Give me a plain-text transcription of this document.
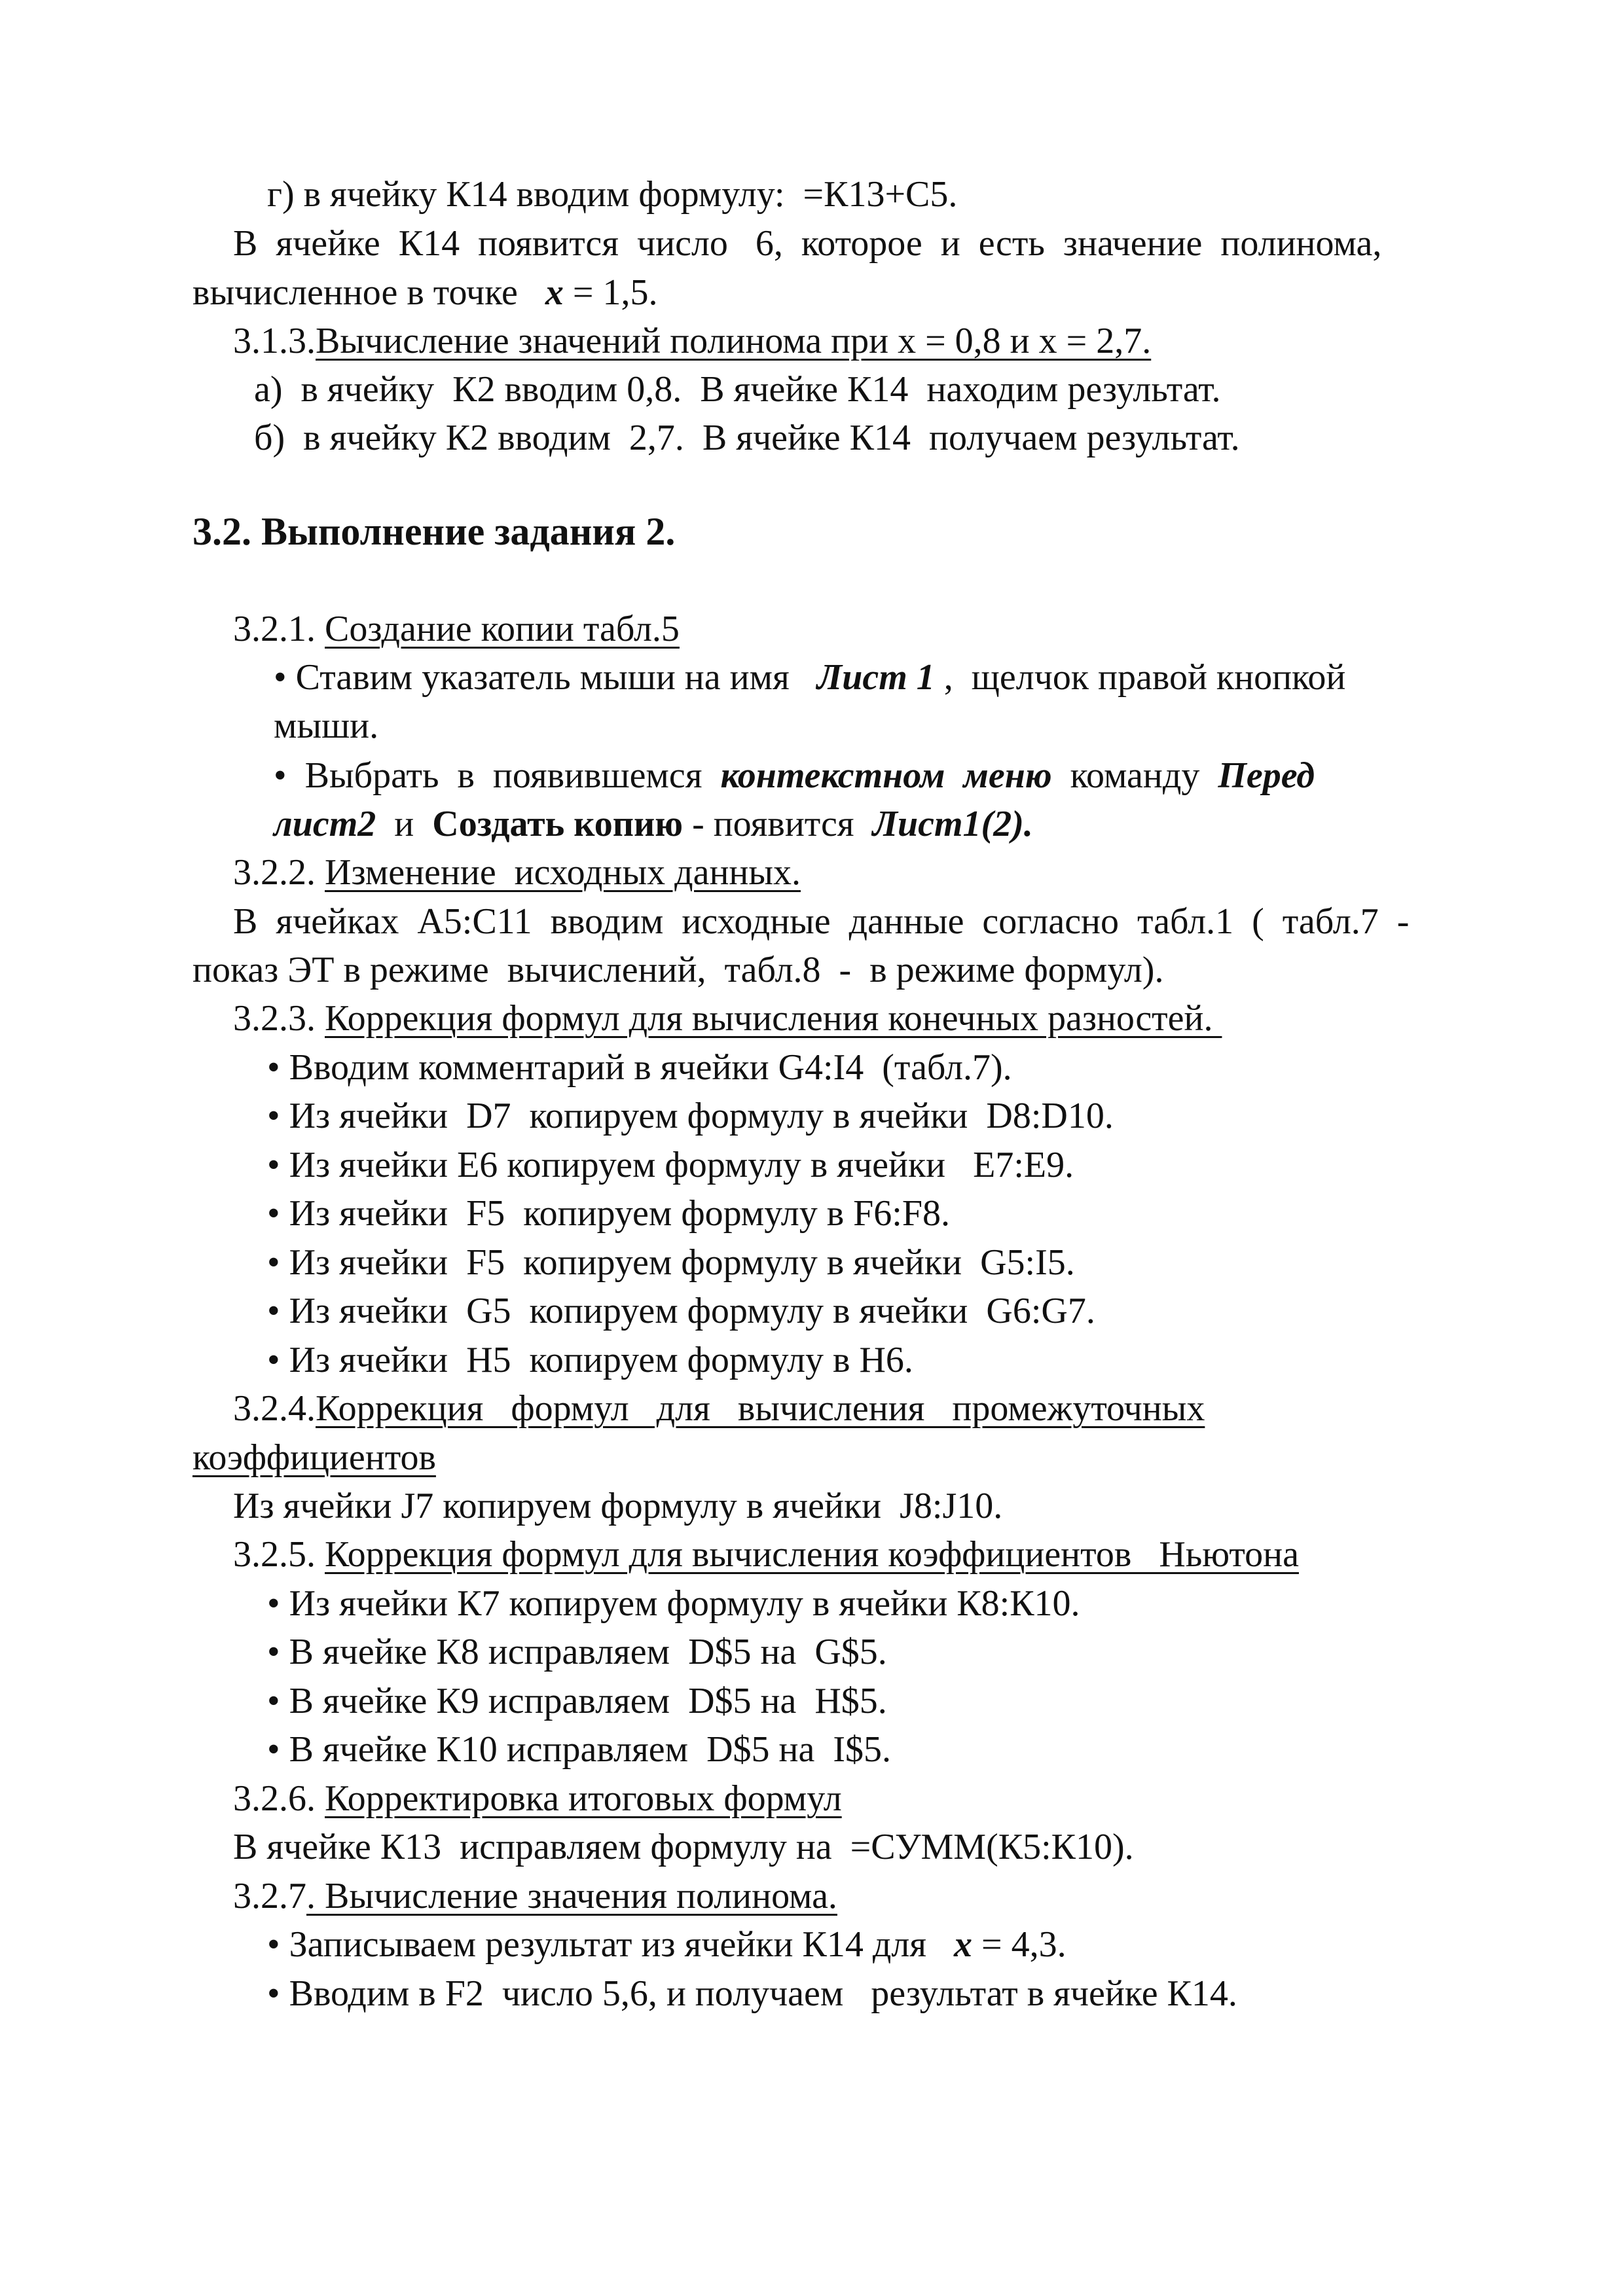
г) в ячейку К14 вводим формулу:  =К13+С5.

В  ячейке  К14  появится  число   6,  которое  и  есть  значение  полинома,

вычисленное в точке   x = 1,5.

3.1.3.Вычисление значений полинома при х = 0,8 и х = 2,7.

а)  в ячейку  К2 вводим 0,8.  В ячейке К14  находим результат.

б)  в ячейку К2 вводим  2,7.  В ячейке К14  получаем результат.

3.2. Выполнение задания 2.

3.2.1. Создание копии табл.5

• Ставим указатель мыши на имя   Лист 1 ,  щелчок правой кнопкой

мыши.

•  Выбрать  в  появившемся  контекстном  меню  команду  Перед

лист2  и  Создать копию - появится  Лист1(2).

3.2.2. Изменение  исходных данных.

В  ячейках  А5:С11  вводим  исходные  данные  согласно  табл.1  (  табл.7  -

показ ЭТ в режиме  вычислений,  табл.8  -  в режиме формул).

3.2.3. Коррекция формул для вычисления конечных разностей.

• Вводим комментарий в ячейки G4:I4  (табл.7).

• Из ячейки  D7  копируем формулу в ячейки  D8:D10.

• Из ячейки E6 копируем формулу в ячейки   E7:E9.

• Из ячейки  F5  копируем формулу в F6:F8.

• Из ячейки  F5  копируем формулу в ячейки  G5:I5.

• Из ячейки  G5  копируем формулу в ячейки  G6:G7.

• Из ячейки  H5  копируем формулу в H6.

3.2.4.Коррекция   формул   для   вычисления   промежуточных

коэффициентов

Из ячейки J7 копируем формулу в ячейки  J8:J10.

3.2.5. Коррекция формул для вычисления коэффициентов   Ньютона

• Из ячейки К7 копируем формулу в ячейки К8:К10.

• В ячейке К8 исправляем  D$5 на  G$5.

• В ячейке К9 исправляем  D$5 на  H$5.

• В ячейке К10 исправляем  D$5 на  I$5.

3.2.6. Корректировка итоговых формул

В ячейке К13  исправляем формулу на  =СУММ(К5:К10).

3.2.7. Вычисление значения полинома.

• Записываем результат из ячейки К14 для   x = 4,3.

• Вводим в F2  число 5,6, и получаем   результат в ячейке К14.
